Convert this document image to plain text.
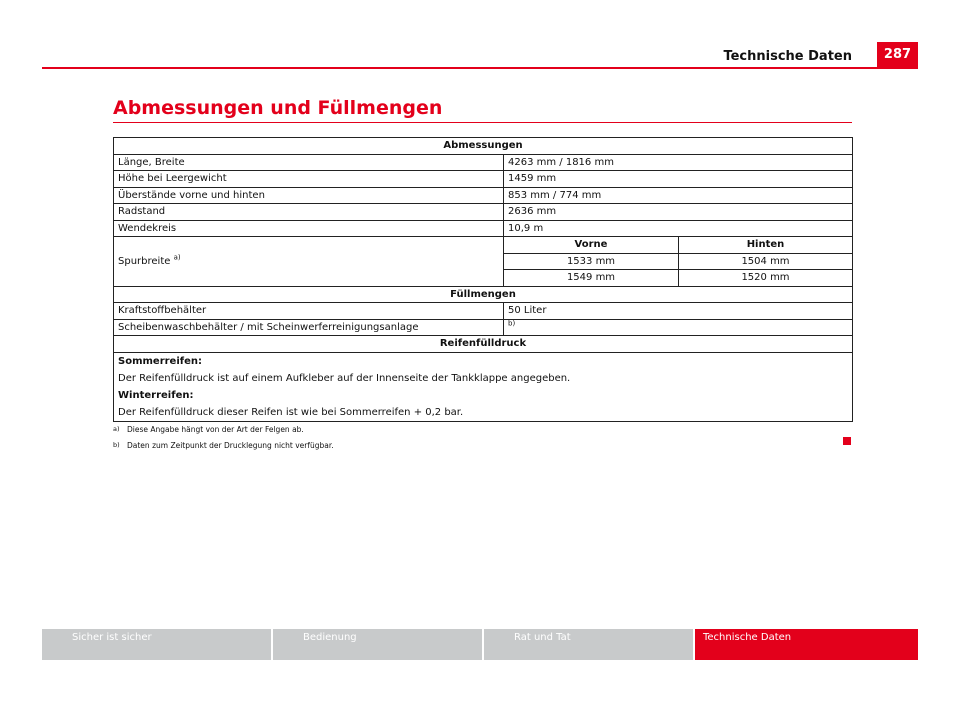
Technische Daten	287
Abmessungen und Füllmengen
Abmessungen		
Länge, Breite	4263 mm / 1816 mm	
Höhe bei Leergewicht	1459 mm	
Überstände vorne und hinten	853 mm / 774 mm	
Radstand	2636 mm	
Wendekreis	10,9 m	
Spurbreite $^{a)}$	Vorne	Hinten
	1533 mm	1504 mm
	1549 mm	1520 mm
Füllmengen		
Kraftstoffbehälter	50 Liter	
Scheibenwaschbehälter / mit Scheinwerferreinigungsanlage	$^{b)}$
Reifenfülldruck		

Sommerreifen:
Der Reifenfülldruck ist auf einem Aufkleber auf der Innenseite der Tankklappe angegeben.
Winterreifen:
Der Reifenfülldruck dieser Reifen ist wie bei Sommerreifen + 0,2 bar.		
a) Diese Angabe hängt von der Art der Felgen ab.
b) Daten zum Zeitpunkt der Drucklegung nicht verfügbar.
Sicher ist sicher	Bedienung	Rat und Tat	Technische Daten
